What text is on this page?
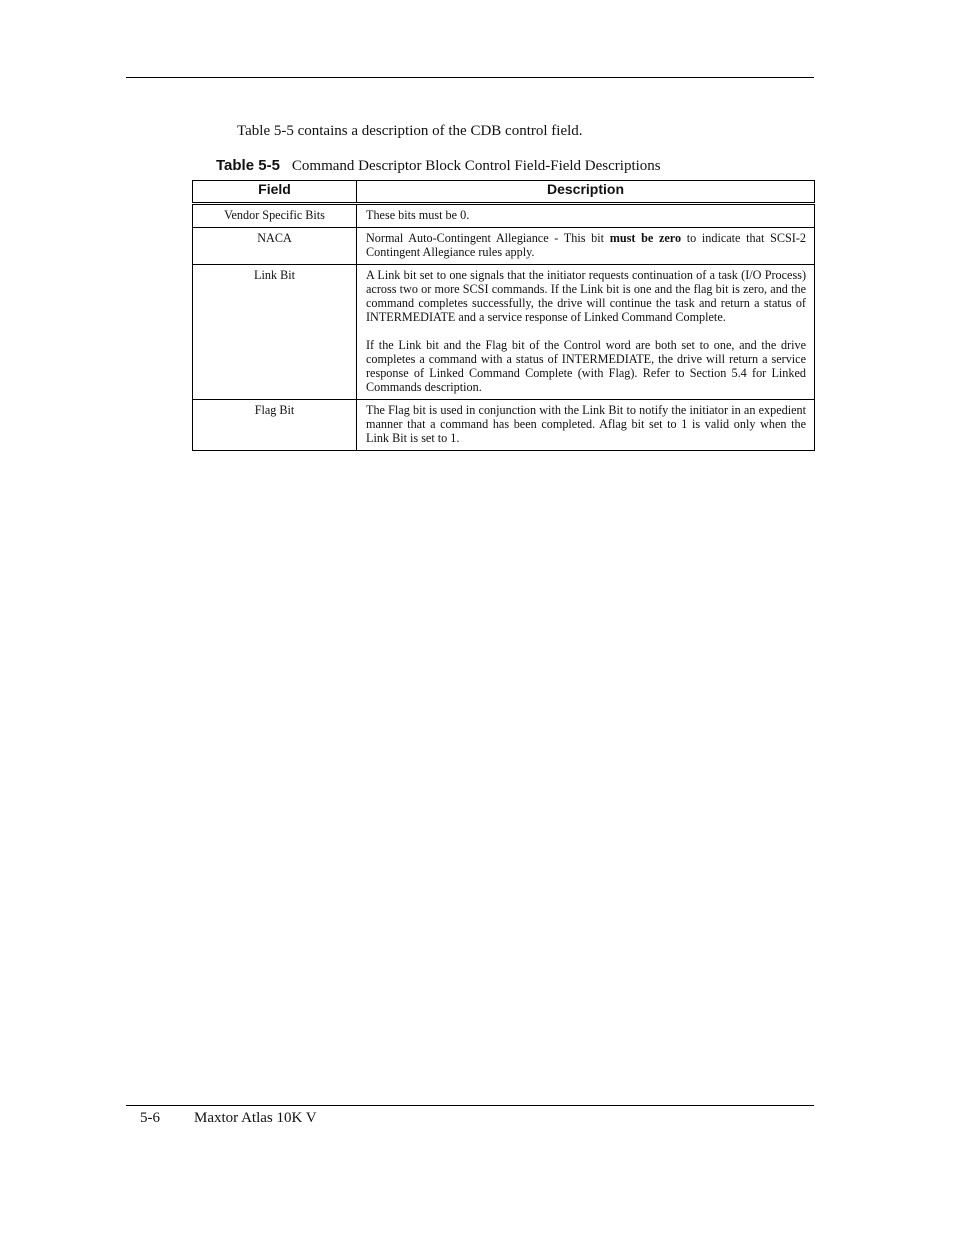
Table 5-5 contains a description of the CDB control field.
Table 5-5 Command Descriptor Block Control Field-Field Descriptions
Field	Description
Vendor Specific Bits	These bits must be 0.
NACA	Normal Auto-Contingent Allegiance - This bit must be zero to indicate that SCSI-2 Contingent Allegiance rules apply.
Link Bit	A Link bit set to one signals that the initiator requests continuation of a task (I/O Process) across two or more SCSI commands. If the Link bit is one and the flag bit is zero, and the command completes successfully, the drive will continue the task and return a status of INTERMEDIATE and a service response of Linked Command Complete.

If the Link bit and the Flag bit of the Control word are both set to one, and the drive completes a command with a status of INTERMEDIATE, the drive will return a service response of Linked Command Complete (with Flag). Refer to Section 5.4 for Linked Commands description.

Flag Bit	The Flag bit is used in conjunction with the Link Bit to notify the initiator in an expedient manner that a command has been completed. Aflag bit set to 1 is valid only when the Link Bit is set to 1.
5-6 Maxtor Atlas 10K V
